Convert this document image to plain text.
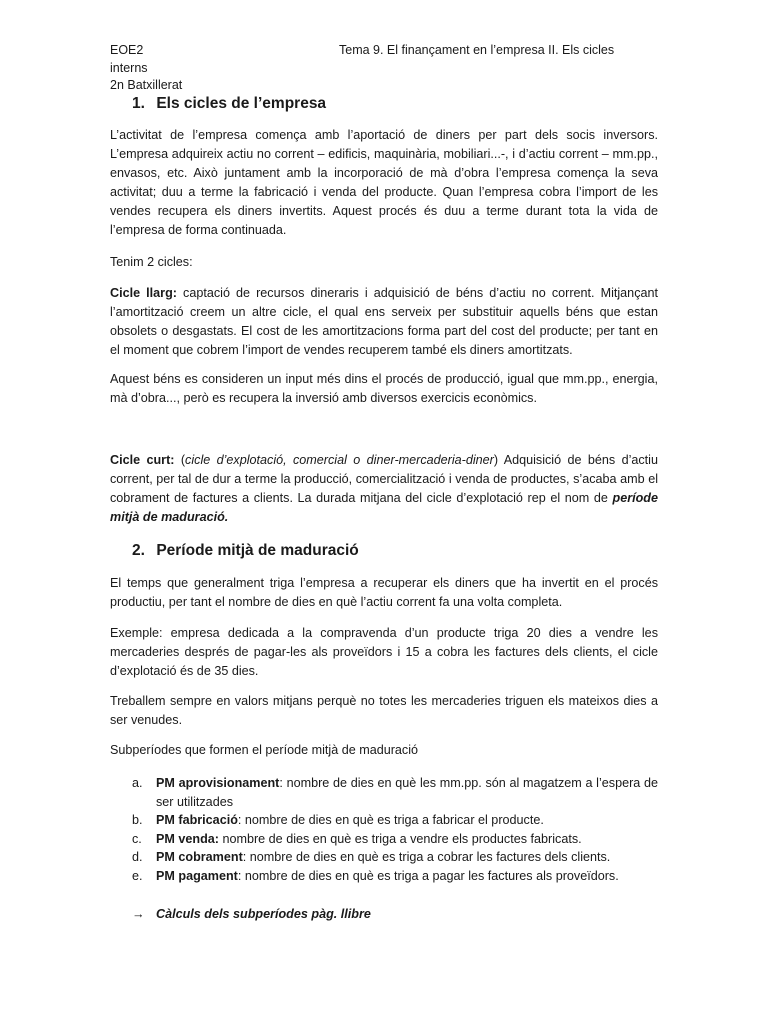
EOE2
interns
2n Batxillerat
Tema 9. El finançament en l’empresa II. Els cicles
1. Els cicles de l’empresa

L’activitat de l’empresa comença amb l’aportació de diners per part dels socis inversors. L’empresa adquireix actiu no corrent – edificis, maquinària, mobiliari...-, i d’actiu corrent – mm.pp., envasos, etc. Això juntament amb la incorporació de mà d’obra l’empresa comença la seva activitat; duu a terme la fabricació i venda del producte. Quan l’empresa cobra l’import de les vendes recupera els diners invertits. Aquest procés és duu a terme durant tota la vida de l’empresa de forma continuada.

Tenim 2 cicles:

Cicle llarg: captació de recursos dineraris i adquisició de béns d’actiu no corrent. Mitjançant l’amortització creem un altre cicle, el qual ens serveix per substituir aquells béns que estan obsolets o desgastats. El cost de les amortitzacions forma part del cost del producte; per tant en el moment que cobrem l’import de vendes recuperem també els diners amortitzats.

Aquest béns es consideren un input més dins el procés de producció, igual que mm.pp., energia, mà d’obra..., però es recupera la inversió amb diversos exercicis econòmics.

Cicle curt: (cicle d’explotació, comercial o diner-mercaderia-diner) Adquisició de béns d’actiu corrent, per tal de dur a terme la producció, comercialització i venda de productes, s’acaba amb el cobrament de factures a clients. La durada mitjana del cicle d’explotació rep el nom de període mitjà de maduració.

2. Període mitjà de maduració

El temps que generalment triga l’empresa a recuperar els diners que ha invertit en el procés productiu, per tant el nombre de dies en què l’actiu corrent fa una volta completa.

Exemple: empresa dedicada a la compravenda d’un producte triga 20 dies a vendre les mercaderies després de pagar-les als proveïdors i 15 a cobra les factures dels clients, el cicle d’explotació és de 35 dies.

Treballem sempre en valors mitjans perquè no totes les mercaderies triguen els mateixos dies a ser venudes.

Subperíodes que formen el període mitjà de maduració

a. PM aprovisionament: nombre de dies en què les mm.pp. són al magatzem a l’espera de ser utilitzades
b. PM fabricació: nombre de dies en què es triga a fabricar el producte.
c. PM venda: nombre de dies en què es triga a vendre els productes fabricats.
d. PM cobrament: nombre de dies en què es triga a cobrar les factures dels clients.
e. PM pagament: nombre de dies en què es triga a pagar les factures als proveïdors.
→ Càlculs dels subperíodes pàg. llibre
